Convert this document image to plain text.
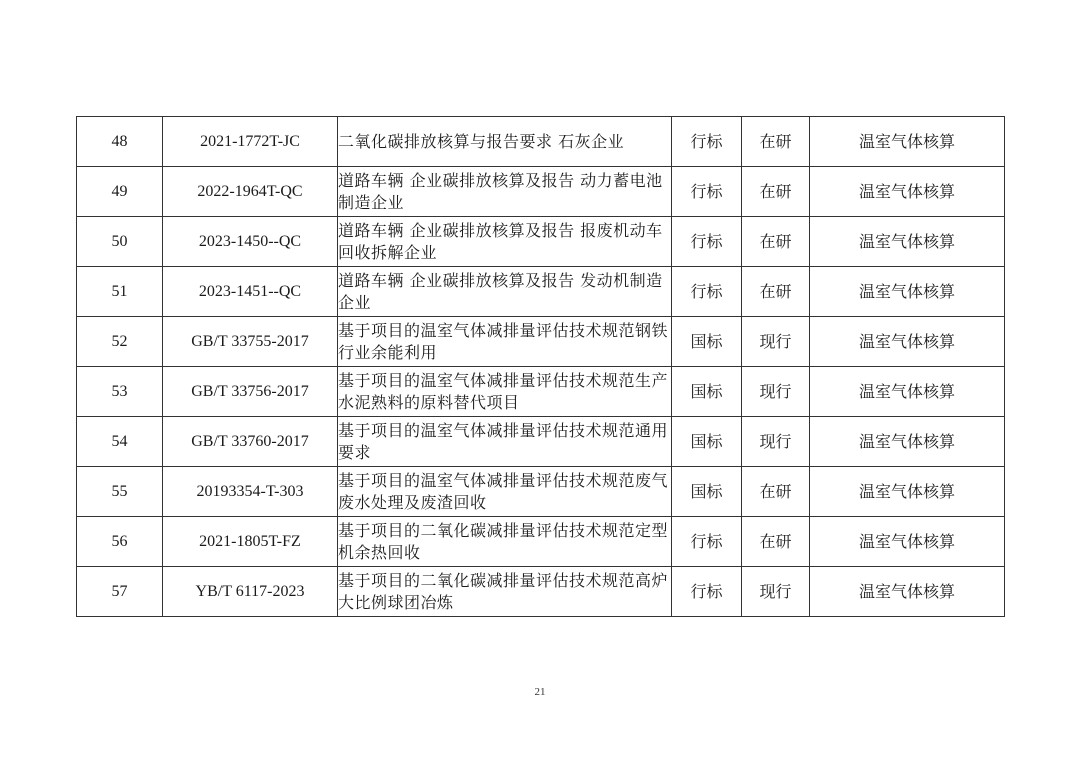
48	2021-1772T-JC	二氧化碳排放核算与报告要求 石灰企业	行标	在研	温室气体核算
49	2022-1964T-QC	道路车辆 企业碳排放核算及报告 动力蓄电池制造企业	行标	在研	温室气体核算
50	2023-1450--QC	道路车辆 企业碳排放核算及报告 报废机动车回收拆解企业	行标	在研	温室气体核算
51	2023-1451--QC	道路车辆 企业碳排放核算及报告 发动机制造企业	行标	在研	温室气体核算
52	GB/T 33755-2017	基于项目的温室气体减排量评估技术规范钢铁行业余能利用	国标	现行	温室气体核算
53	GB/T 33756-2017	基于项目的温室气体减排量评估技术规范生产水泥熟料的原料替代项目	国标	现行	温室气体核算
54	GB/T 33760-2017	基于项目的温室气体减排量评估技术规范通用要求	国标	现行	温室气体核算
55	20193354-T-303	基于项目的温室气体减排量评估技术规范废气废水处理及废渣回收	国标	在研	温室气体核算
56	2021-1805T-FZ	基于项目的二氧化碳减排量评估技术规范定型机余热回收	行标	在研	温室气体核算
57	YB/T 6117-2023	基于项目的二氧化碳减排量评估技术规范高炉大比例球团冶炼	行标	现行	温室气体核算
21
